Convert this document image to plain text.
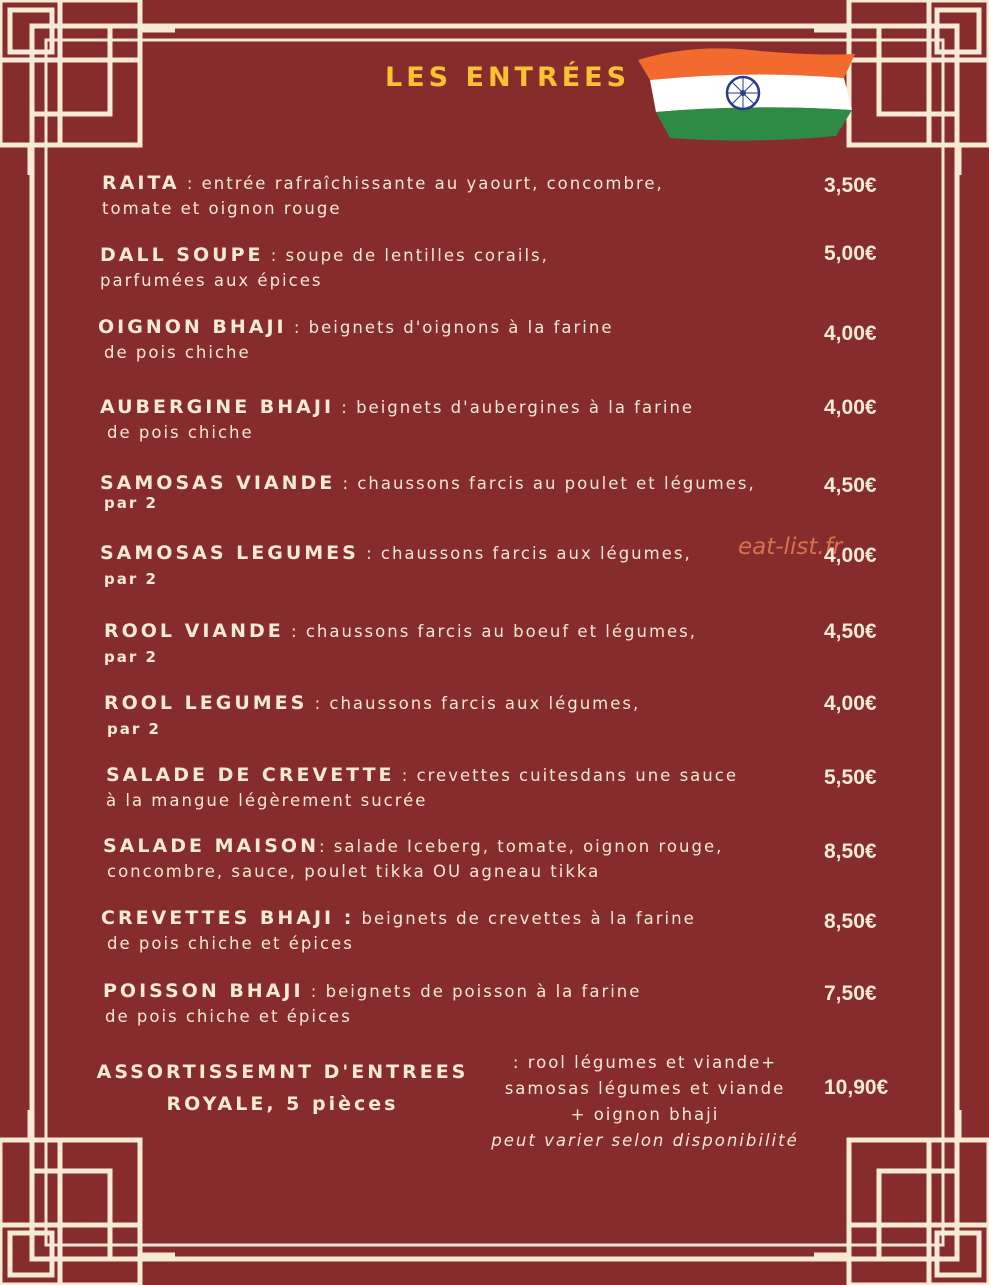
LES ENTRÉES
eat-list.fr
RAITA : entrée rafraîchissante au yaourt, concombre,
tomate et oignon rouge
3,50€
DALL SOUPE : soupe de lentilles corails,
parfumées aux épices
5,00€
OIGNON BHAJI : beignets d'oignons à la farine
de pois chiche
4,00€
AUBERGINE BHAJI : beignets d'aubergines à la farine
de pois chiche
4,00€
SAMOSAS VIANDE : chaussons farcis au poulet et légumes,
par 2
4,50€
SAMOSAS LEGUMES : chaussons farcis aux légumes,
par 2
4,00€
ROOL VIANDE : chaussons farcis au boeuf et légumes,
par 2
4,50€
ROOL LEGUMES : chaussons farcis aux légumes,
par 2
4,00€
SALADE DE CREVETTE : crevettes cuitesdans une sauce
à la mangue légèrement sucrée
5,50€
SALADE MAISON: salade Iceberg, tomate, oignon rouge,
concombre, sauce, poulet tikka OU agneau tikka
8,50€
CREVETTES BHAJI : beignets de crevettes à la farine
de pois chiche et épices
8,50€
POISSON BHAJI : beignets de poisson à la farine
de pois chiche et épices
7,50€
ASSORTISSEMNT D'ENTREES
ROYALE, 5 pièces
: rool légumes et viande+
samosas légumes et viande
+ oignon bhaji
peut varier selon disponibilité
10,90€
